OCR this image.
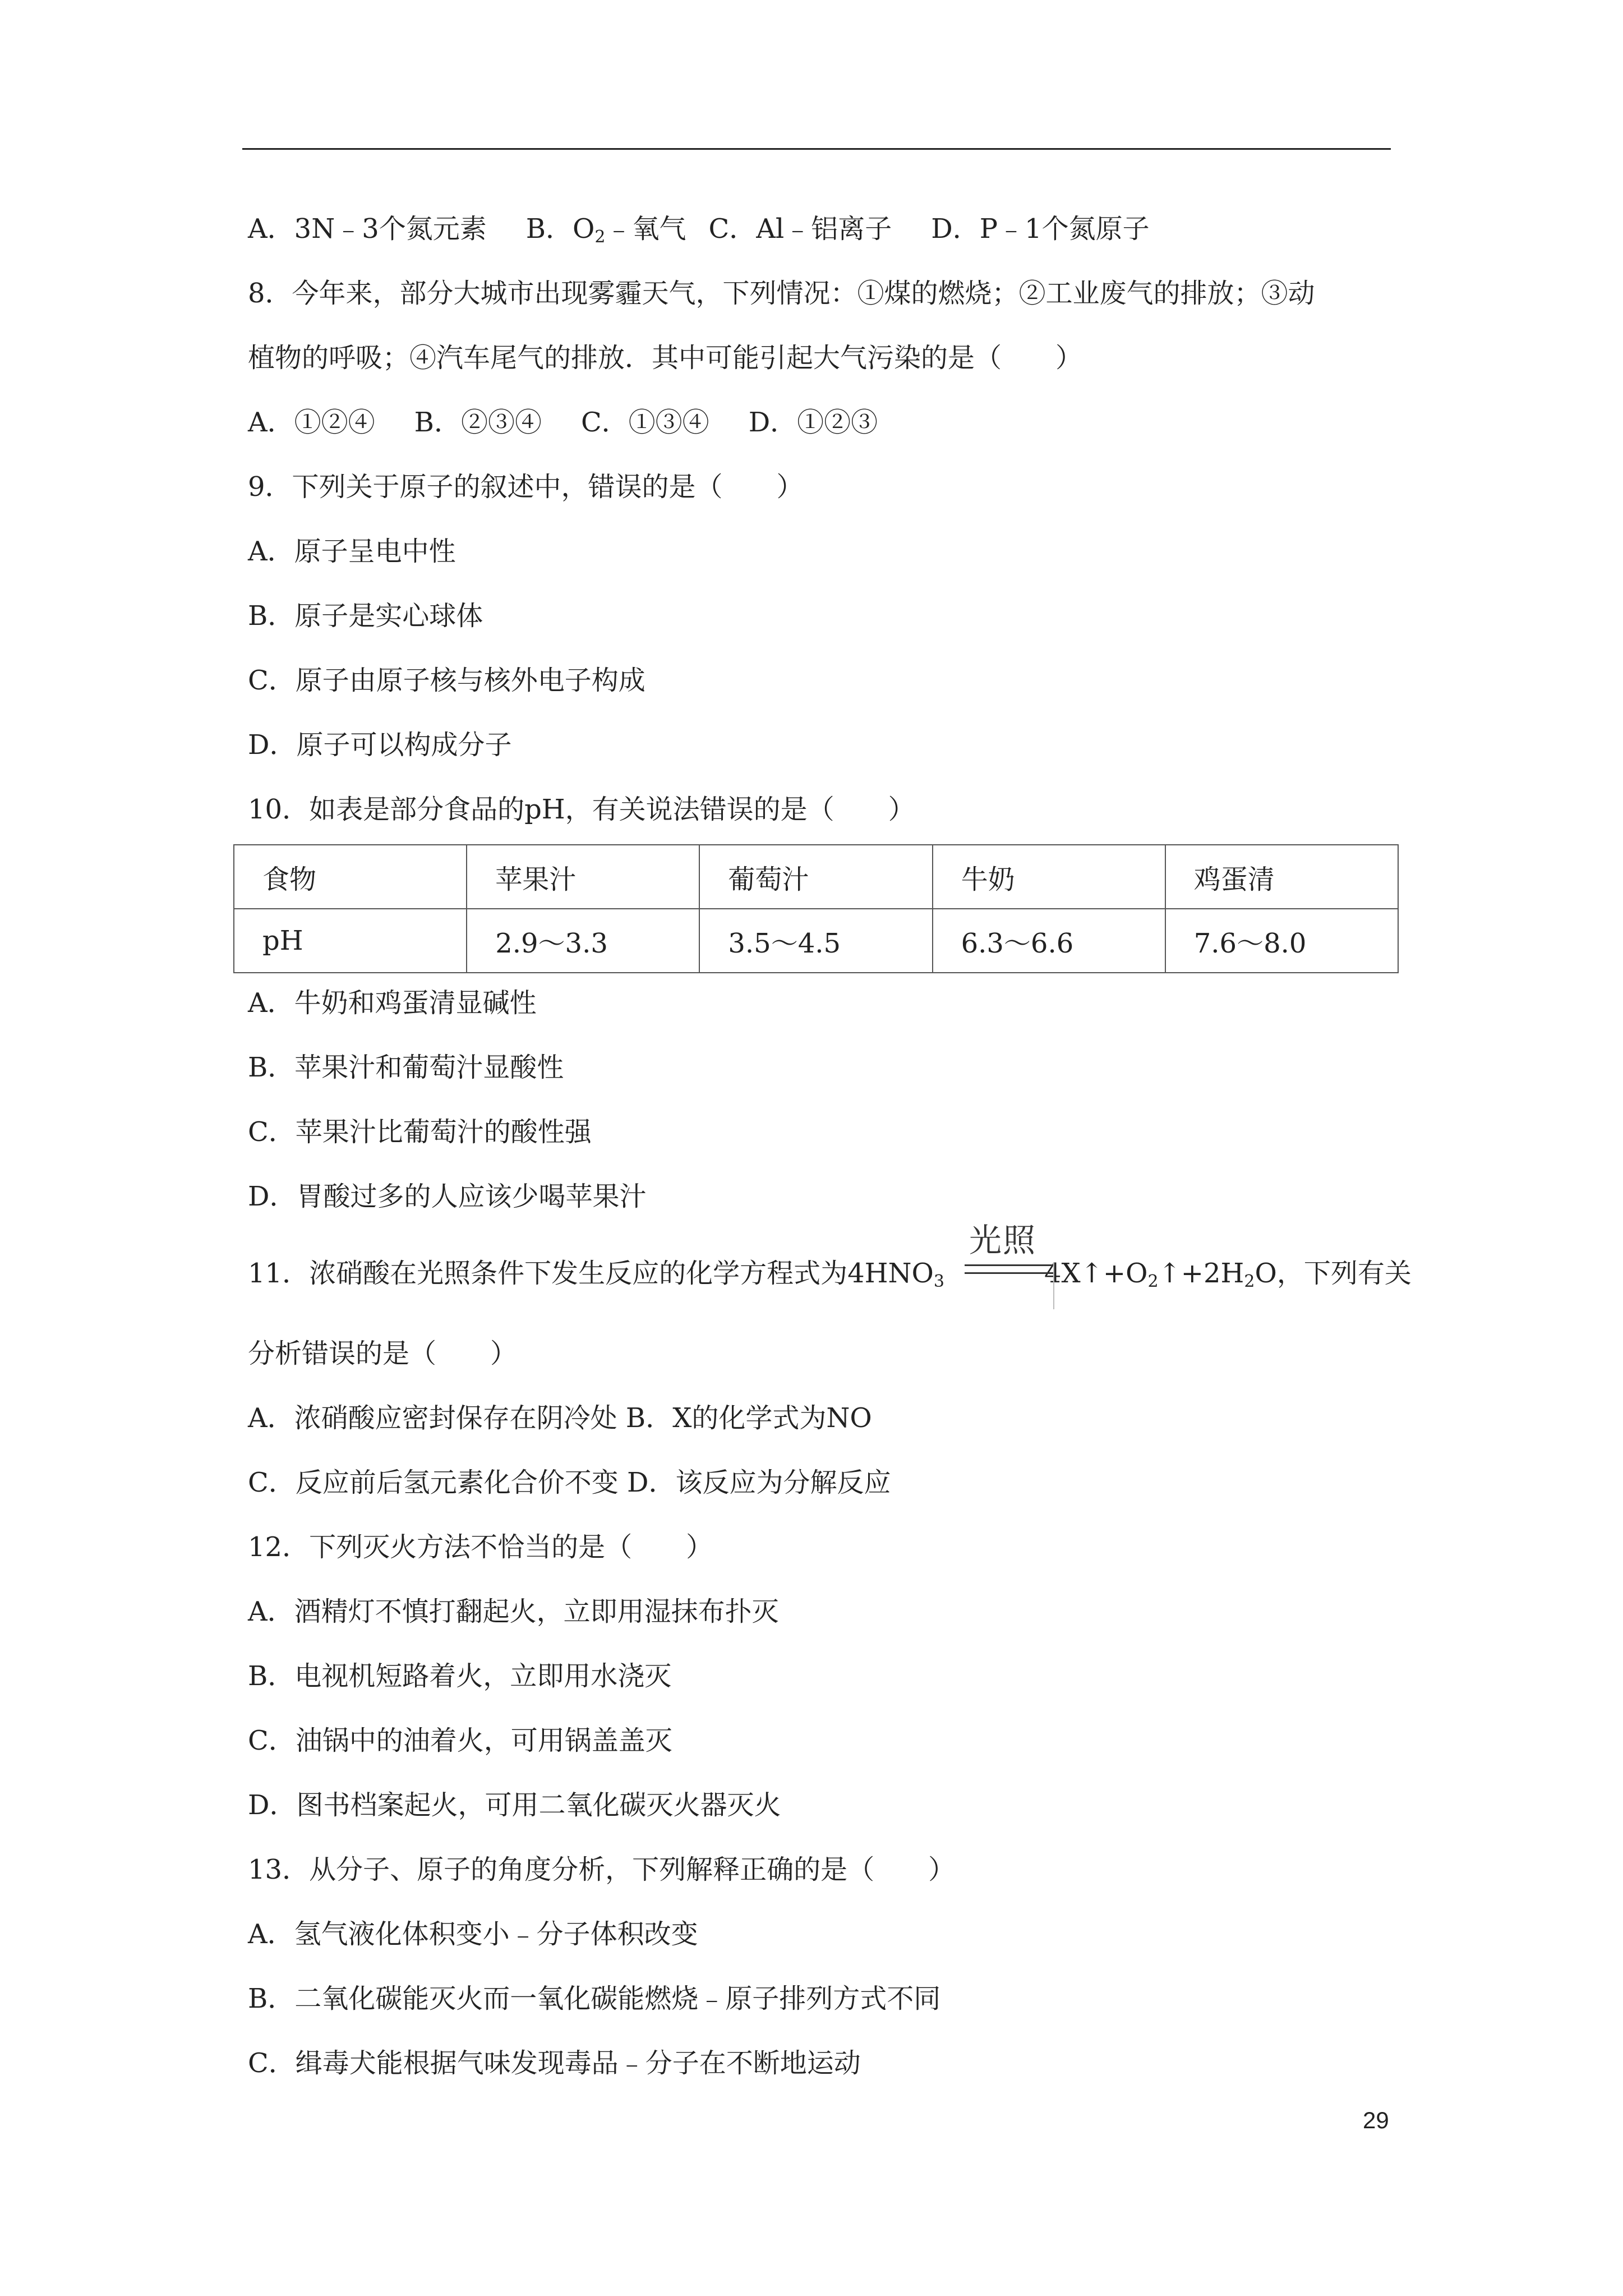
A．3N﹣3个氮元素 B．$O_2﹣$氧气 C．Al﹣铝离子 D．P﹣1个氮原子
8．今年来，部分大城市出现雾霾天气，下列情况：①煤的燃烧；②工业废气的排放；③动
植物的呼吸；④汽车尾气的排放．其中可能引起大气污染的是（　　）
A．①②④ B．②③④ C．①③④ D．①②③
9．下列关于原子的叙述中，错误的是（　　）
A．原子呈电中性
B．原子是实心球体
C．原子由原子核与核外电子构成
D．原子可以构成分子
10．如表是部分食品的pH，有关说法错误的是（　　）
食物	苹果汁	葡萄汁	牛奶	鸡蛋清
pH	2.9～3.3	3.5～4.5	6.3～6.6	7.6～8.0
A．牛奶和鸡蛋清显碱性
B．苹果汁和葡萄汁显酸性
C．苹果汁比葡萄汁的酸性强
D．胃酸过多的人应该少喝苹果汁
11．浓硝酸在光照条件下发生反应的化学方程式为$4HNO_3$	$4X↑+O_2↑+2H_2O$，下列有关
光照
分析错误的是（　　）
A．浓硝酸应密封保存在阴冷处 B．X的化学式为NO
C．反应前后氢元素化合价不变 D．该反应为分解反应
12．下列灭火方法不恰当的是（　　）
A．酒精灯不慎打翻起火，立即用湿抹布扑灭
B．电视机短路着火，立即用水浇灭
C．油锅中的油着火，可用锅盖盖灭
D．图书档案起火，可用二氧化碳灭火器灭火
13．从分子、原子的角度分析，下列解释正确的是（　　）
A．氢气液化体积变小﹣分子体积改变
B．二氧化碳能灭火而一氧化碳能燃烧﹣原子排列方式不同
C．缉毒犬能根据气味发现毒品﹣分子在不断地运动
29
